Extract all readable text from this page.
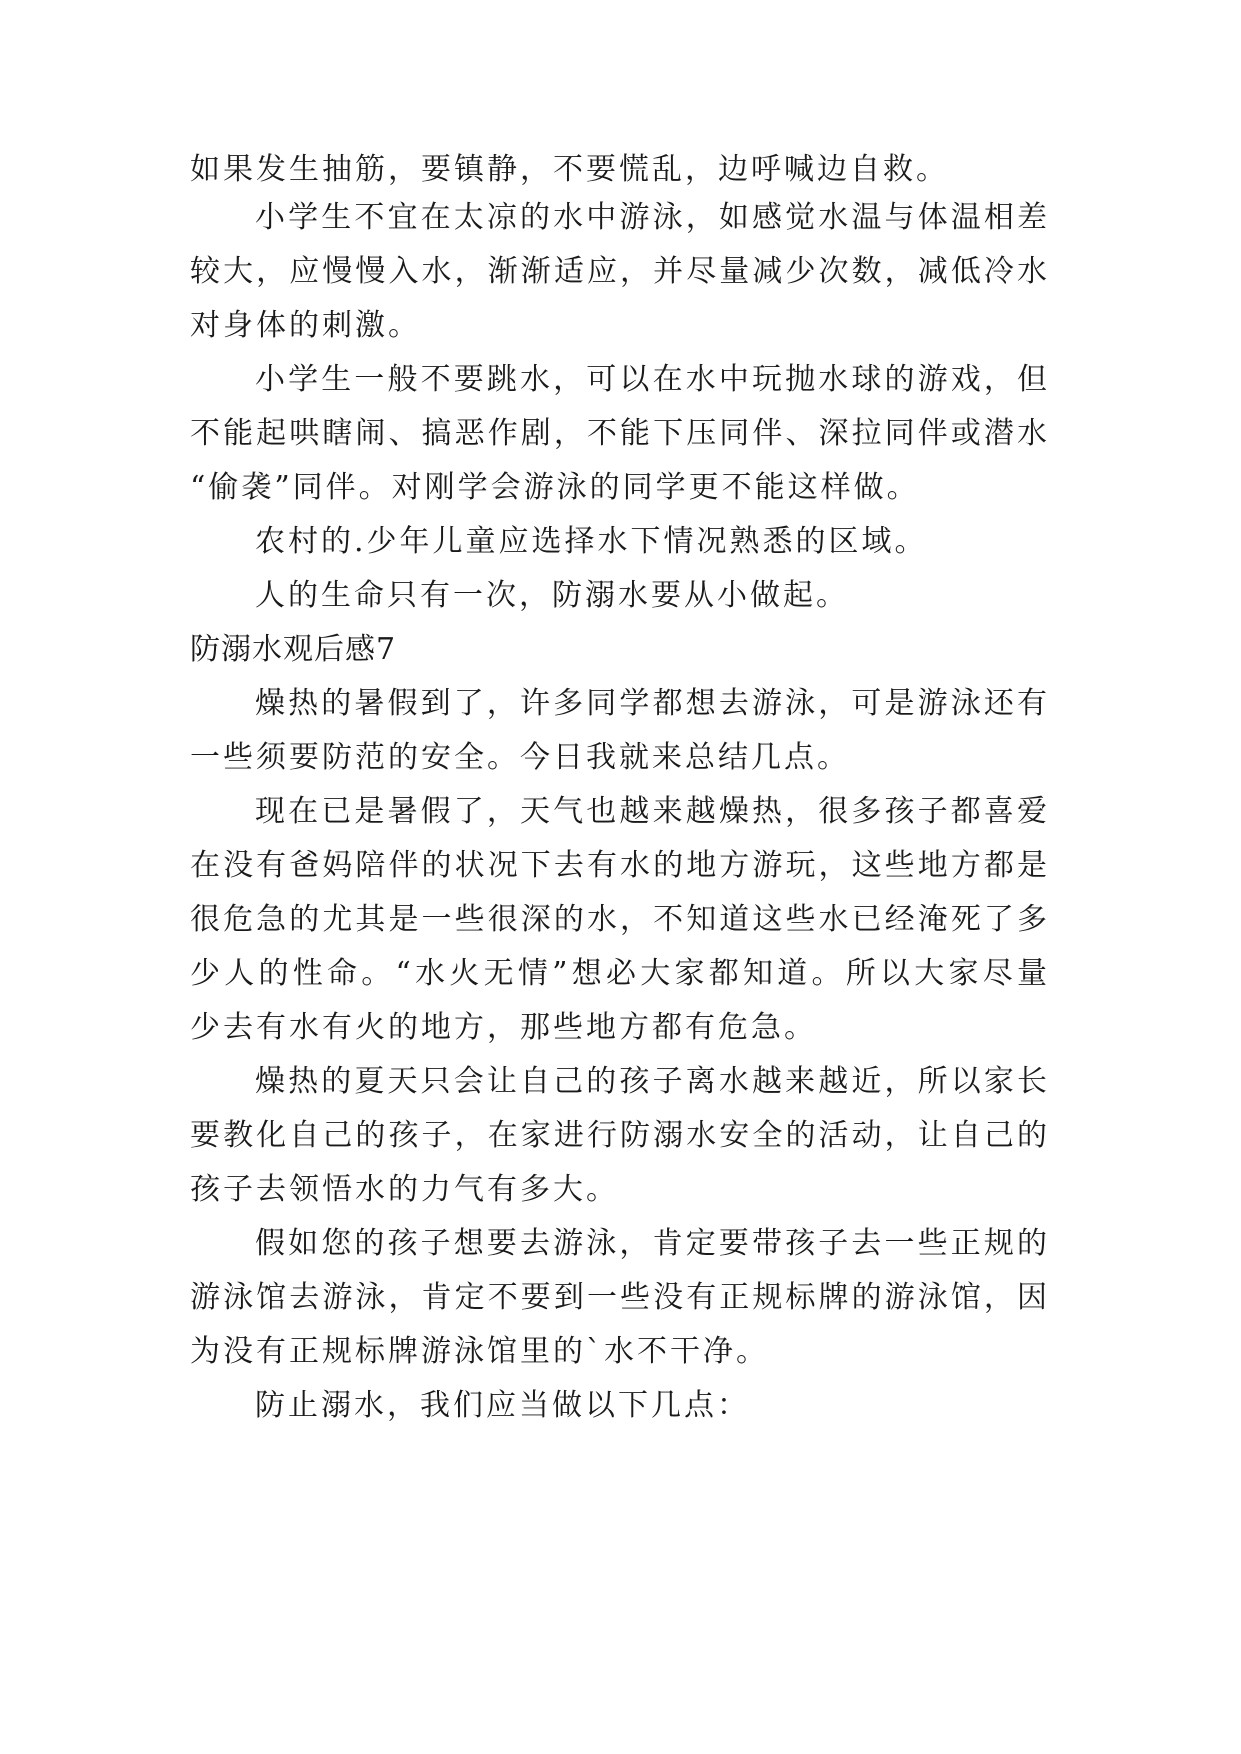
如果发生抽筋，要镇静，不要慌乱，边呼喊边自救。
小学生不宜在太凉的水中游泳，如感觉水温与体温相差
较大，应慢慢入水，渐渐适应，并尽量减少次数，减低冷水
对身体的刺激。
小学生一般不要跳水，可以在水中玩抛水球的游戏，但
不能起哄瞎闹、搞恶作剧，不能下压同伴、深拉同伴或潜水
“偷袭”同伴。对刚学会游泳的同学更不能这样做。
农村的.少年儿童应选择水下情况熟悉的区域。
人的生命只有一次，防溺水要从小做起。
防溺水观后感7
燥热的暑假到了，许多同学都想去游泳，可是游泳还有
一些须要防范的安全。今日我就来总结几点。
现在已是暑假了，天气也越来越燥热，很多孩子都喜爱
在没有爸妈陪伴的状况下去有水的地方游玩，这些地方都是
很危急的尤其是一些很深的水，不知道这些水已经淹死了多
少人的性命。“水火无情”想必大家都知道。所以大家尽量
少去有水有火的地方，那些地方都有危急。
燥热的夏天只会让自己的孩子离水越来越近，所以家长
要教化自己的孩子，在家进行防溺水安全的活动，让自己的
孩子去领悟水的力气有多大。
假如您的孩子想要去游泳，肯定要带孩子去一些正规的
游泳馆去游泳，肯定不要到一些没有正规标牌的游泳馆，因
为没有正规标牌游泳馆里的`水不干净。
防止溺水，我们应当做以下几点：
